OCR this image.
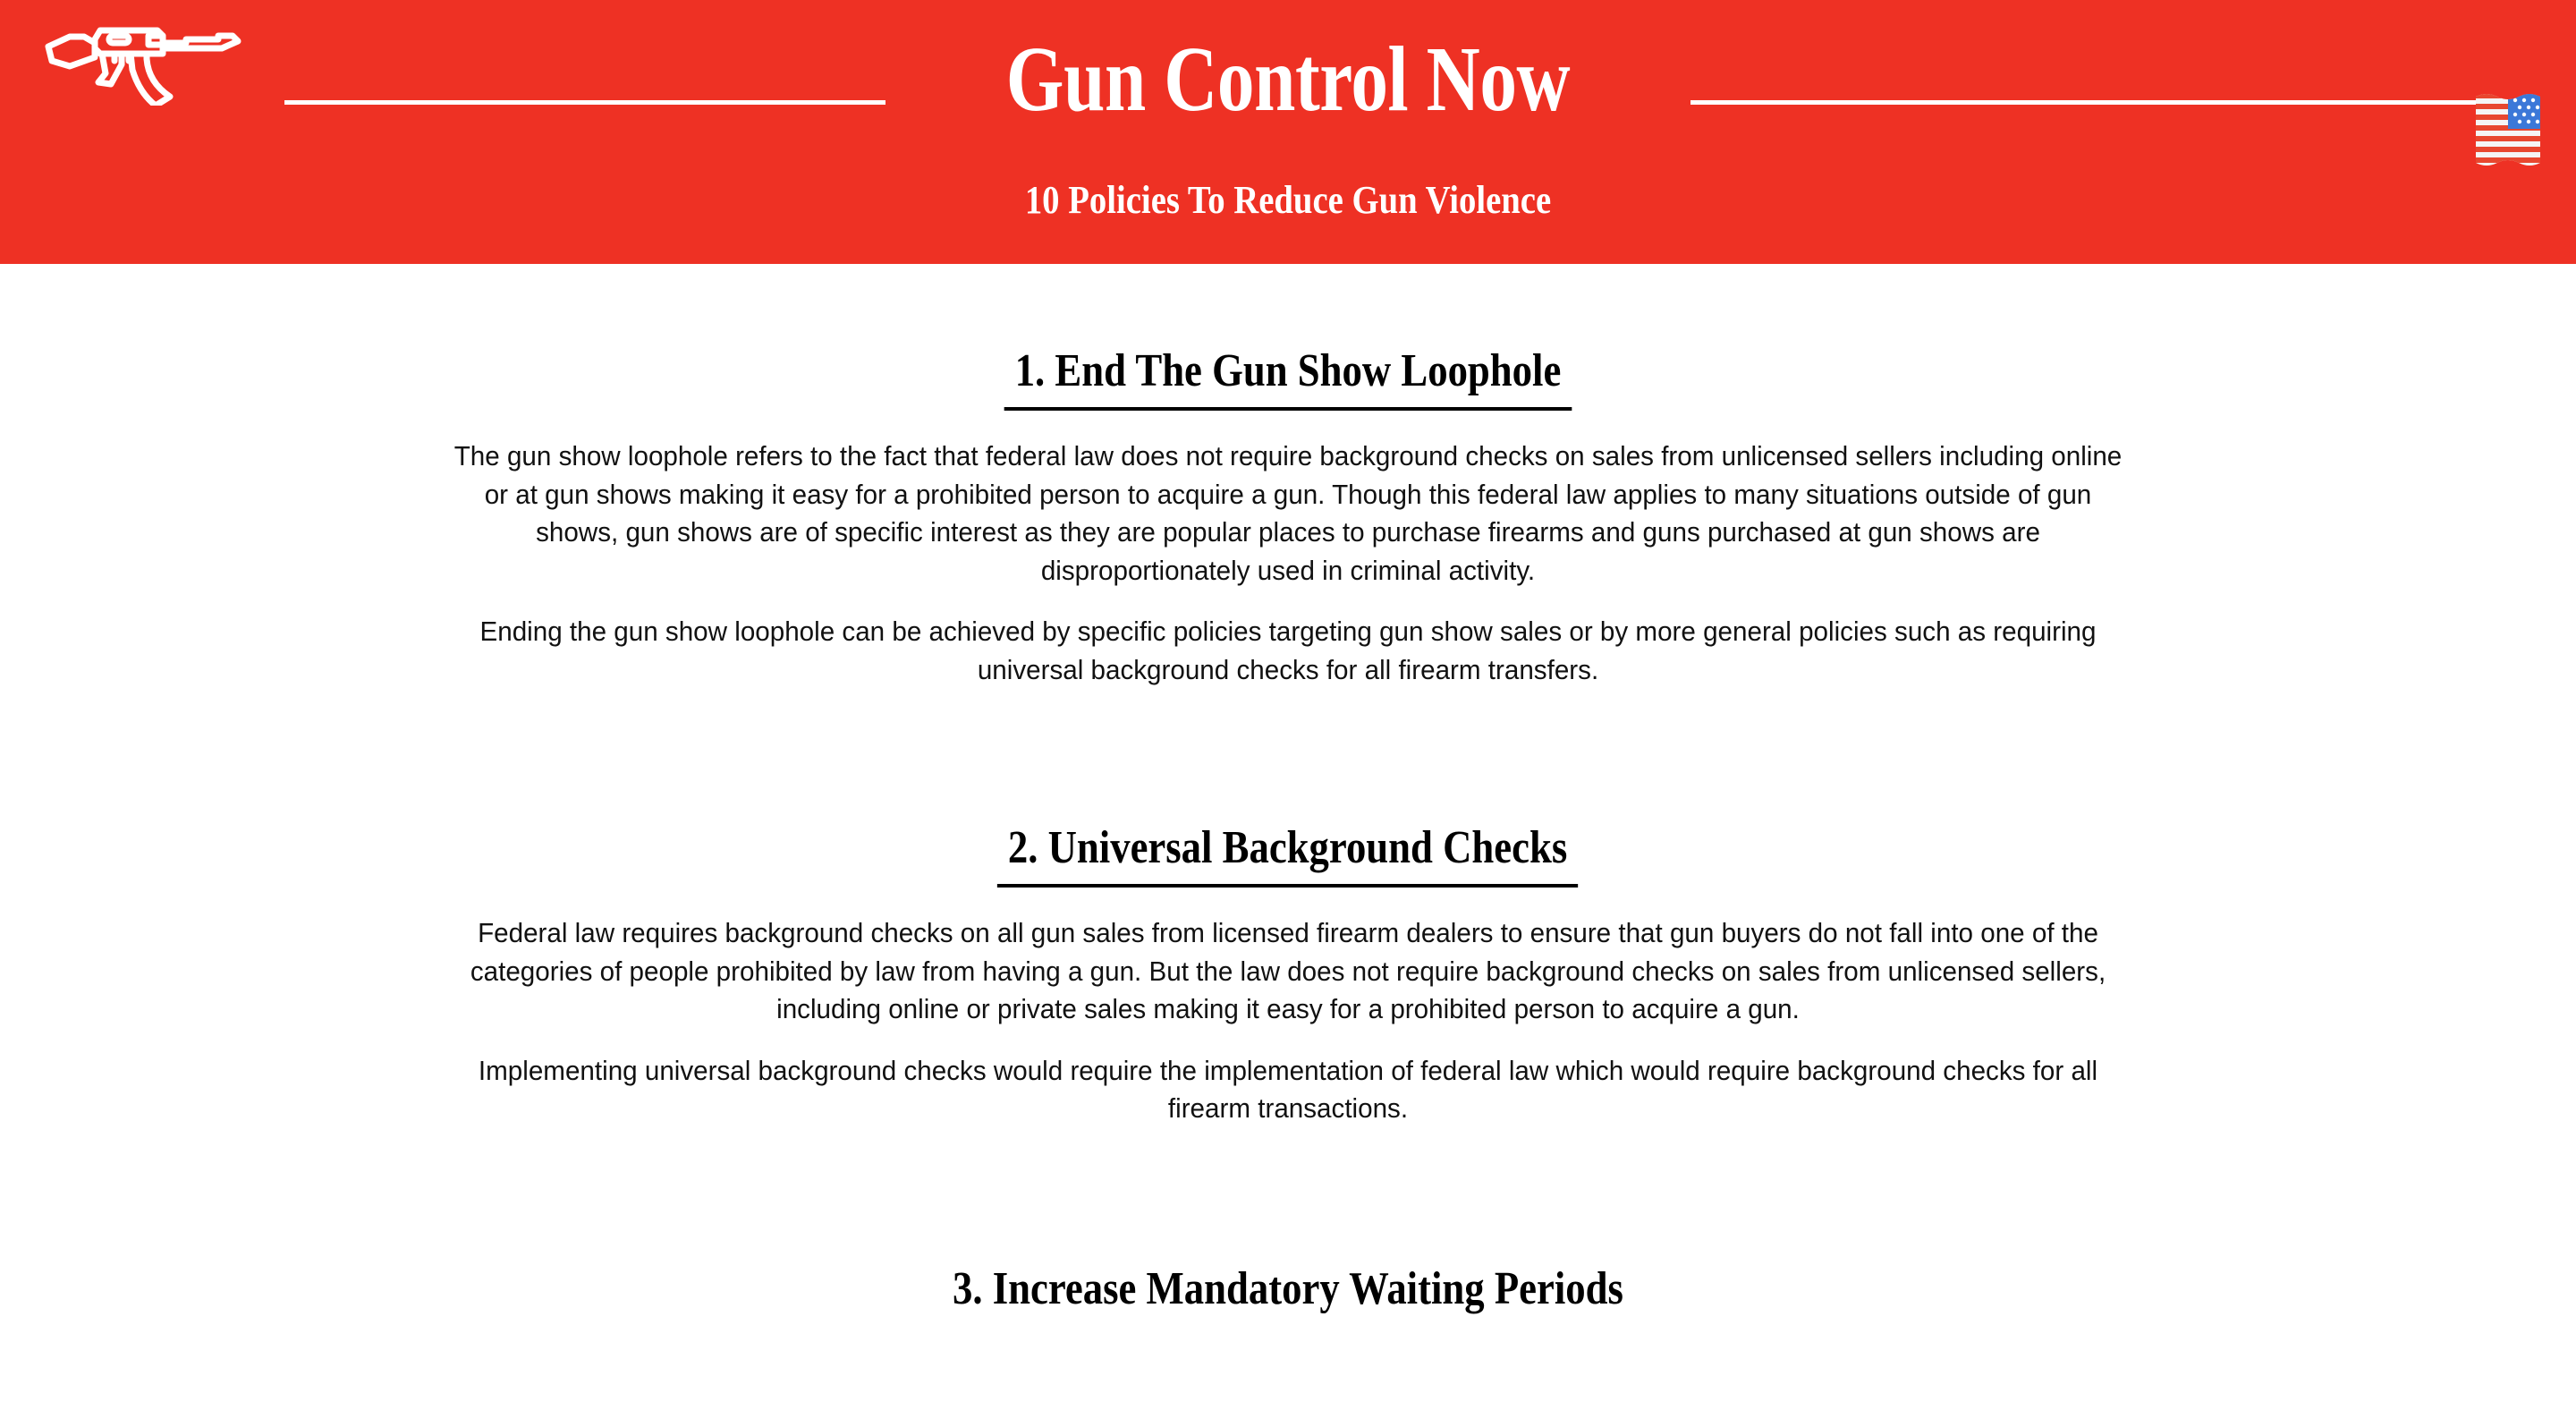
Gun Control Now
10 Policies To Reduce Gun Violence
1. End The Gun Show Loophole

The gun show loophole refers to the fact that federal law does not require background checks on sales from unlicensed sellers including online or at gun shows making it easy for a prohibited person to acquire a gun. Though this federal law applies to many situations outside of gun shows, gun shows are of specific interest as they are popular places to purchase firearms and guns purchased at gun shows are disproportionately used in criminal activity.

Ending the gun show loophole can be achieved by specific policies targeting gun show sales or by more general policies such as requiring universal background checks for all firearm transfers.

2. Universal Background Checks

Federal law requires background checks on all gun sales from licensed firearm dealers to ensure that gun buyers do not fall into one of the categories of people prohibited by law from having a gun. But the law does not require background checks on sales from unlicensed sellers, including online or private sales making it easy for a prohibited person to acquire a gun.

Implementing universal background checks would require the implementation of federal law which would require background checks for all firearm transactions.

3. Increase Mandatory Waiting Periods
